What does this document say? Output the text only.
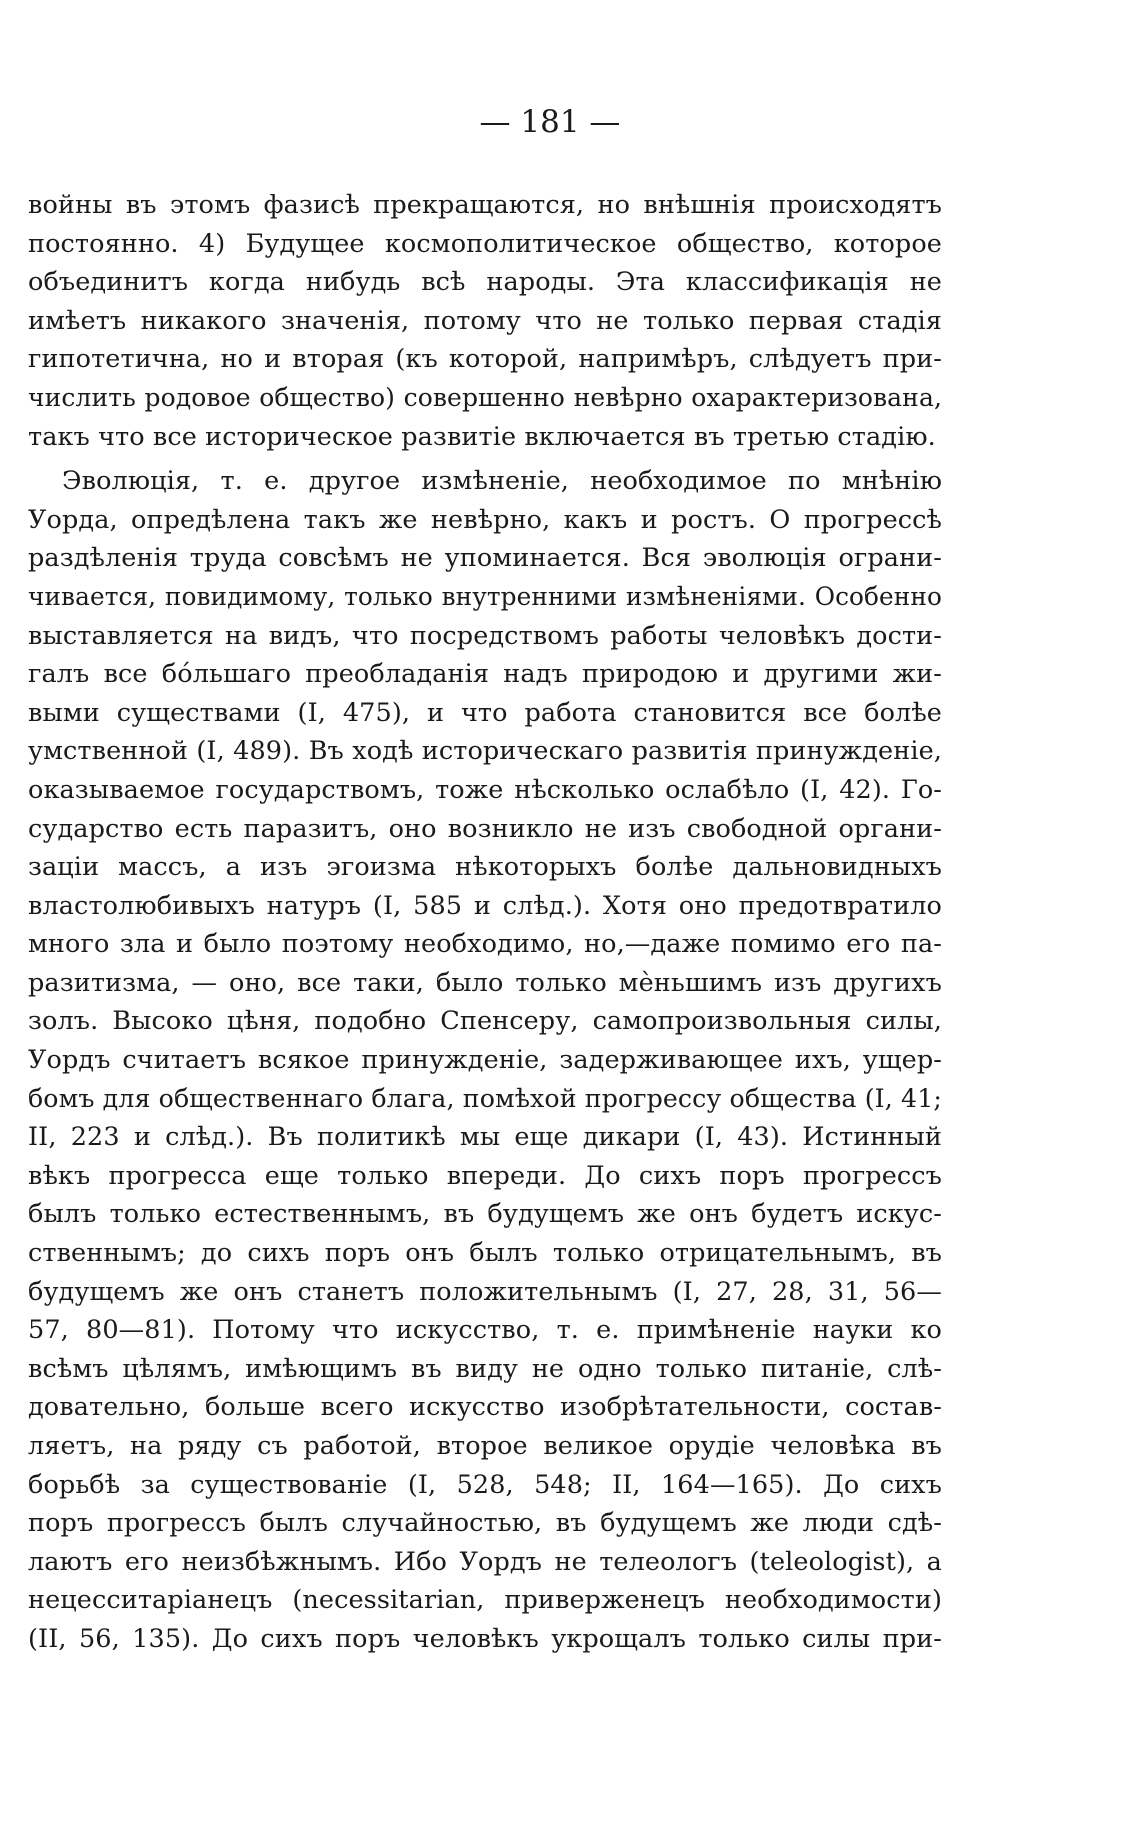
— 181 —
войны въ этомъ фазисѣ прекращаются, но внѣшнія происходятъ
постоянно. 4) Будущее космополитическое общество, которое
объединитъ когда нибудь всѣ народы. Эта классификація не
имѣетъ никакого значенія, потому что не только первая стадія
гипотетична, но и вторая (къ которой, напримѣръ, слѣдуетъ при-
числить родовое общество) совершенно невѣрно охарактеризована,
такъ что все историческое развитіе включается въ третью стадію.
Эволюція, т. е. другое измѣненіе, необходимое по мнѣнію
Уорда, опредѣлена такъ же невѣрно, какъ и ростъ. О прогрессѣ
раздѣленія труда совсѣмъ не упоминается. Вся эволюція ограни-
чивается, повидимому, только внутренними измѣненіями. Особенно
выставляется на видъ, что посредствомъ работы человѣкъ дости-
галъ все бóльшаго преобладанія надъ природою и другими жи-
выми существами (I, 475), и что работа становится все болѣе
умственной (I, 489). Въ ходѣ историческаго развитія принужденіе,
оказываемое государствомъ, тоже нѣсколько ослабѣло (I, 42). Го-
сударство есть паразитъ, оно возникло не изъ свободной органи-
заціи массъ, а изъ эгоизма нѣкоторыхъ болѣе дальновидныхъ
властолюбивыхъ натуръ (I, 585 и слѣд.). Хотя оно предотвратило
много зла и было поэтому необходимо, но,—даже помимо его па-
разитизма, — оно, все таки, было только мѐньшимъ изъ другихъ
золъ. Высоко цѣня, подобно Спенсеру, самопроизвольныя силы,
Уордъ считаетъ всякое принужденіе, задерживающее ихъ, ущер-
бомъ для общественнаго блага, помѣхой прогрессу общества (I, 41;
II, 223 и слѣд.). Въ политикѣ мы еще дикари (I, 43). Истинный
вѣкъ прогресса еще только впереди. До сихъ поръ прогрессъ
былъ только естественнымъ, въ будущемъ же онъ будетъ искус-
ственнымъ; до сихъ поръ онъ былъ только отрицательнымъ, въ
будущемъ же онъ станетъ положительнымъ (I, 27, 28, 31, 56—
57, 80—81). Потому что искусство, т. е. примѣненіе науки ко
всѣмъ цѣлямъ, имѣющимъ въ виду не одно только питаніе, слѣ-
довательно, больше всего искусство изобрѣтательности, состав-
ляетъ, на ряду съ работой, второе великое орудіе человѣка въ
борьбѣ за существованіе (I, 528, 548; II, 164—165). До сихъ
поръ прогрессъ былъ случайностью, въ будущемъ же люди сдѣ-
лаютъ его неизбѣжнымъ. Ибо Уордъ не телеологъ (teleologist), а
нецесситаріанецъ (necessitarian, приверженецъ необходимости)
(II, 56, 135). До сихъ поръ человѣкъ укрощалъ только силы при-
